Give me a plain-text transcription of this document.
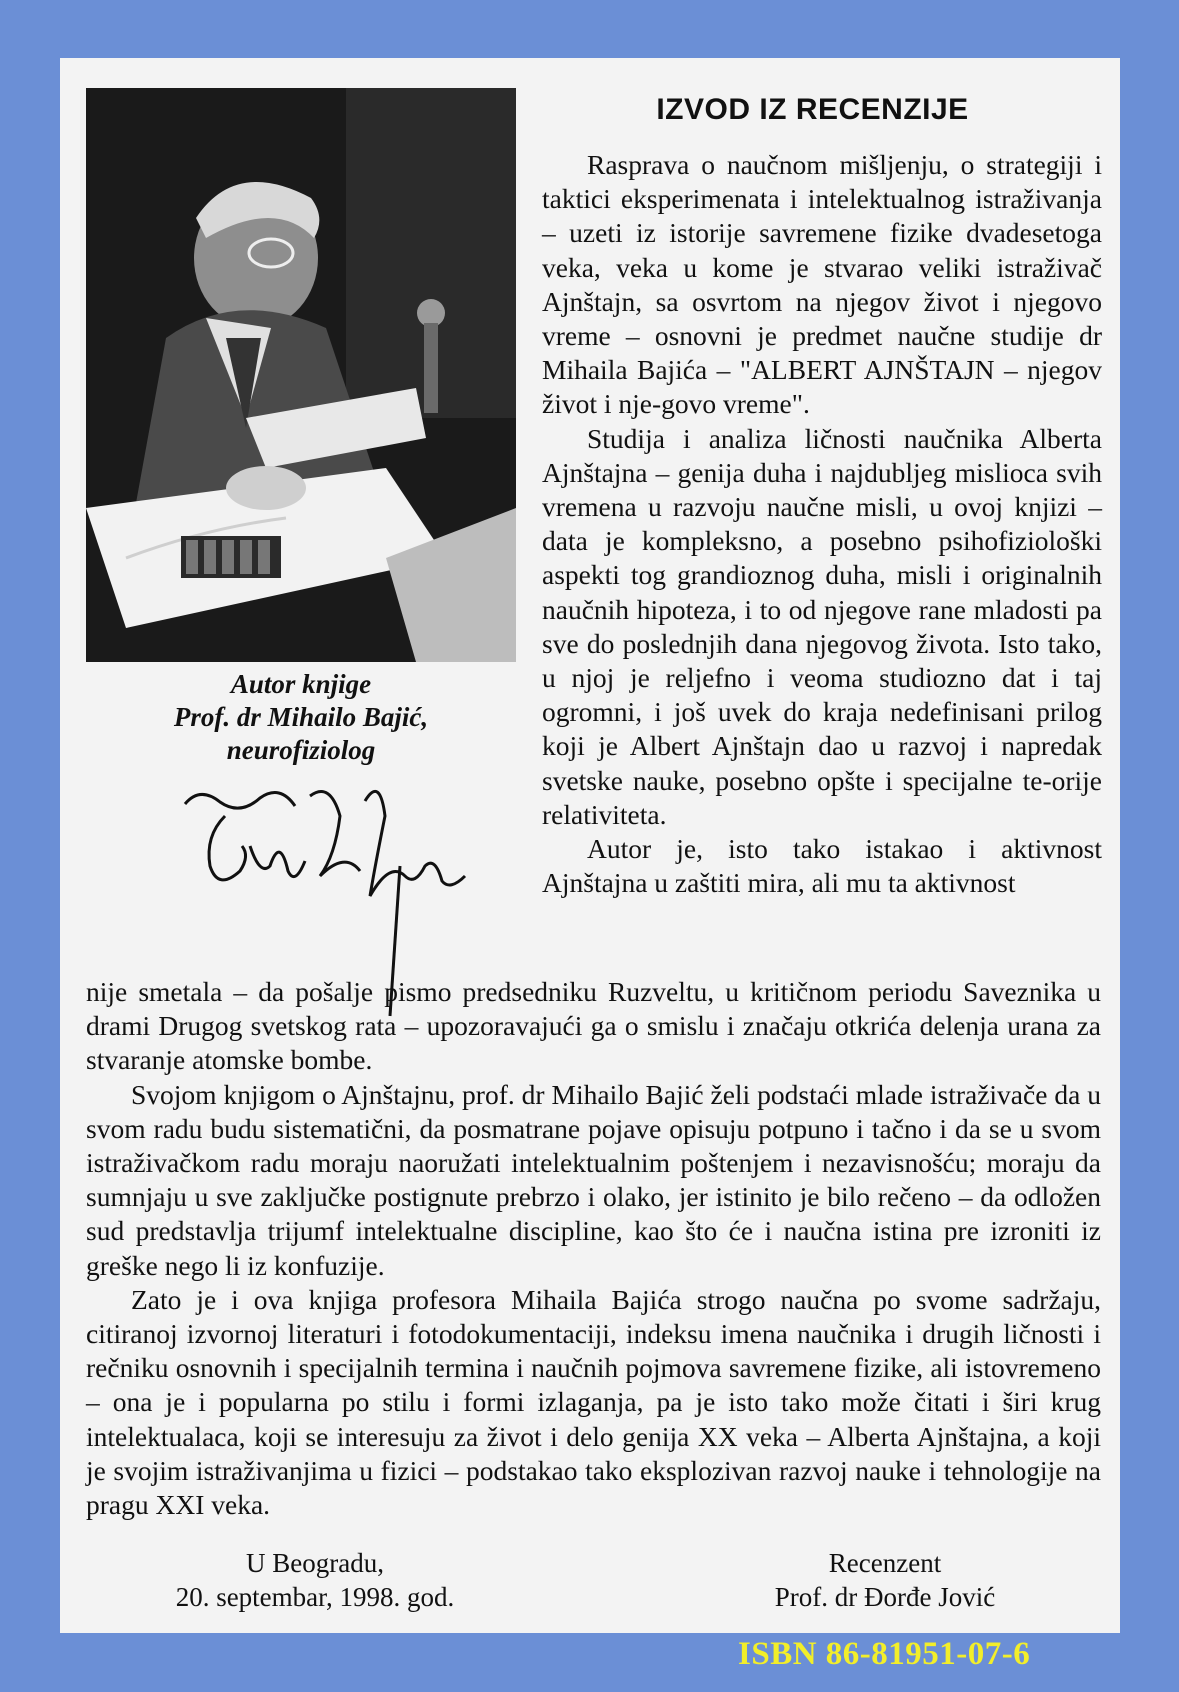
Autor knjige
Prof. dr Mihailo Bajić,
neurofiziolog
IZVOD IZ RECENZIJE

Rasprava o naučnom mišljenju, o strategiji i taktici eksperimenata i intelektualnog istraživanja – uzeti iz istorije savremene fizike dvadesetoga veka, veka u kome je stvarao veliki istraživač Ajnštajn, sa osvrtom na njegov život i njegovo vreme – osnovni je predmet naučne studije dr Mihaila Bajića – "ALBERT AJNŠTAJN – njegov život i nje-govo vreme".

Studija i analiza ličnosti naučnika Alberta Ajnštajna – genija duha i najdubljeg mislioca svih vremena u razvoju naučne misli, u ovoj knjizi – data je kompleksno, a posebno psihofiziološki aspekti tog grandioznog duha, misli i originalnih naučnih hipoteza, i to od njegove rane mladosti pa sve do poslednjih dana njegovog života. Isto tako, u njoj je reljefno i veoma studiozno dat i taj ogromni, i još uvek do kraja nedefinisani prilog koji je Albert Ajnštajn dao u razvoj i napredak svetske nauke, posebno opšte i specijalne te-orije relativiteta.

Autor je, isto tako istakao i aktivnost Ajnštajna u zaštiti mira, ali mu ta aktivnost

nije smetala – da pošalje pismo predsedniku Ruzveltu, u kritičnom periodu Saveznika u drami Drugog svetskog rata – upozoravajući ga o smislu i značaju otkrića delenja urana za stvaranje atomske bombe.

Svojom knjigom o Ajnštajnu, prof. dr Mihailo Bajić želi podstaći mlade istraživače da u svom radu budu sistematični, da posmatrane pojave opisuju potpuno i tačno i da se u svom istraživačkom radu moraju naoružati intelektualnim poštenjem i nezavisnošću; moraju da sumnjaju u sve zaključke postignute prebrzo i olako, jer istinito je bilo rečeno – da odložen sud predstavlja trijumf intelektualne discipline, kao što će i naučna istina pre izroniti iz greške nego li iz konfuzije.

Zato je i ova knjiga profesora Mihaila Bajića strogo naučna po svome sadržaju, citiranoj izvornoj literaturi i fotodokumentaciji, indeksu imena naučnika i drugih ličnosti i rečniku osnovnih i specijalnih termina i naučnih pojmova savremene fizike, ali istovremeno – ona je i popularna po stilu i formi izlaganja, pa je isto tako može čitati i širi krug intelektualaca, koji se interesuju za život i delo genija XX veka – Alberta Ajnštajna, a koji je svojim istraživanjima u fizici – podstakao tako eksplozivan razvoj nauke i tehnologije na pragu XXI veka.

U Beogradu,
20. septembar, 1998. god.
Recenzent
Prof. dr Đorđe Jović
ISBN 86-81951-07-6
